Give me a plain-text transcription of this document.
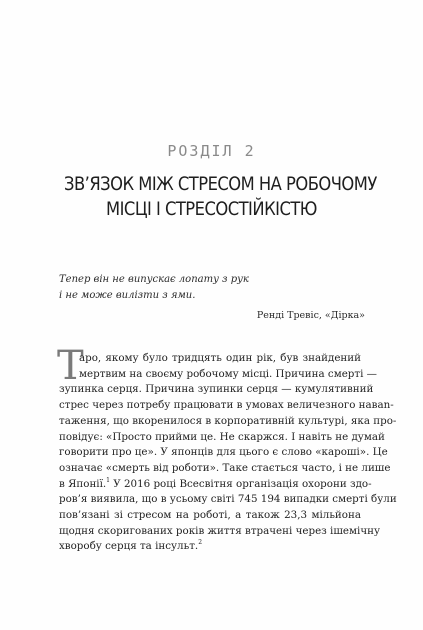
РОЗДІЛ 2
ЗВ’ЯЗОК МІЖ СТРЕСОМ НА РОБОЧОМУ
МІСЦІ І СТРЕСОСТІЙКІСТЮ
Тепер він не випускає лопату з рук
і не може вилізти з ями.
Ренді Тревіс, «Дірка»
Т
аро, якому було тридцять один рік, був знайдений
мертвим на своєму робочому місці. Причина смерті —
зупинка серця. Причина зупинки серця — кумулятивний
стрес через потребу працювати в умовах величезного навan-
таження, що вкоренилося в корпоративній культурі, яка про-
повідує: «Просто прийми це. Не скаржся. І навіть не думай
говорити про це». У японців для цього є слово «кароші». Це
означає «смерть від роботи». Таке стається часто, і не лише
в Японії.$^1$ У 2016 році Всесвітня організація охорони здо-
ров’я виявила, що в усьому світі 745 194 випадки смерті були
пов’язані зі стресом на роботі, а також 23,3 мільйона
щодня скоригованих років життя втрачені через ішемічну
хворобу серця та інсульт.$^2$
